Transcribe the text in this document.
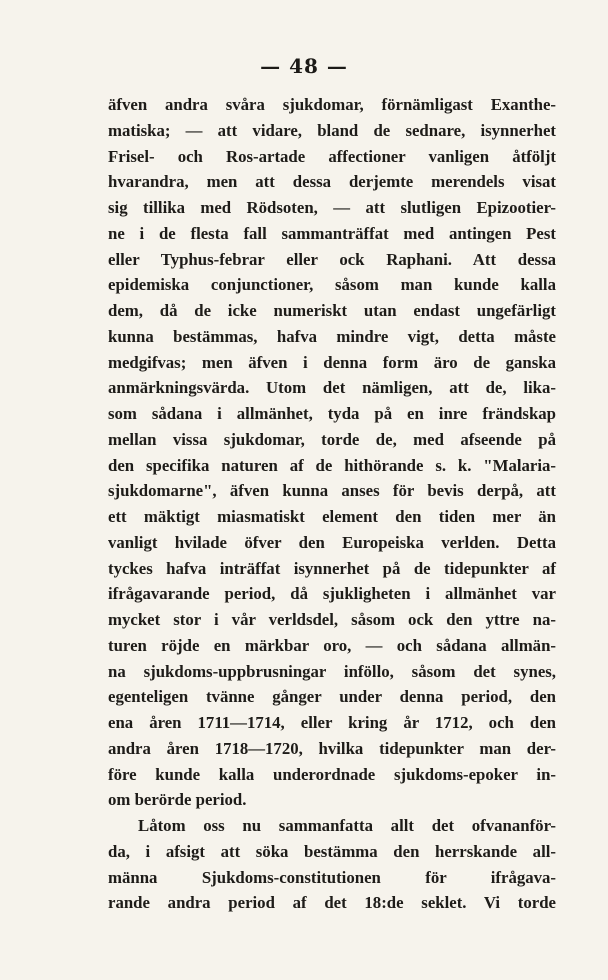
— 48 —
äfven andra svåra sjukdomar, förnämligast Exanthe-
matiska; — att vidare, bland de sednare, isynnerhet
Frisel- och Ros-artade affectioner vanligen åtfölјt
hvarandra, men att dessa derjemte merendels visat
sig tillika med Rödsoten, — att slutligen Epizootier-
ne i de flesta fall sammanträffat med antingen Pest
eller Typhus-febrar eller ock Raphani. Att dessa
epidemiska conjunctioner, såsom man kunde kalla
dem, då de icke numeriskt utan endast ungefärligt
kunna bestämmas, hafva mindre vigt, detta måste
medgifvas; men äfven i denna form äro de ganska
anmärkningsvärda. Utom det nämligen, att de, lika-
som sådana i allmänhet, tyda på en inre frändskap
mellan vissa sjukdomar, torde de, med afseende på
den specifika naturen af de hithörande s. k. "Malaria-
sjukdomarne", äfven kunna anses för bevis derpå, att
ett mäktigt miasmatiskt element den tiden mer än
vanligt hvilade öfver den Europeiska verlden. Detta
tyckes hafva inträffat isynnerhet på de tidepunkter af
ifrågavarande period, då sjukligheten i allmänhet var
mycket stor i vår verldsdel, såsom ock den yttre na-
turen röjde en märkbar oro, — och sådana allmän-
na sjukdoms-uppbrusningar inföllo, såsom det synes,
egenteligen tvänne gånger under denna period, den
ena åren 1711—1714, eller kring år 1712, och den
andra åren 1718—1720, hvilka tidepunkter man der-
före kunde kalla underordnade sjukdoms-epoker in-
om berörde period.
Låtom oss nu sammanfatta allt det ofvananför-
da, i afsigt att söka bestämma den herrskande all-
männa Sjukdoms-constitutionen för ifrågava-
rande andra period af det 18:de seklet. Vi torde
